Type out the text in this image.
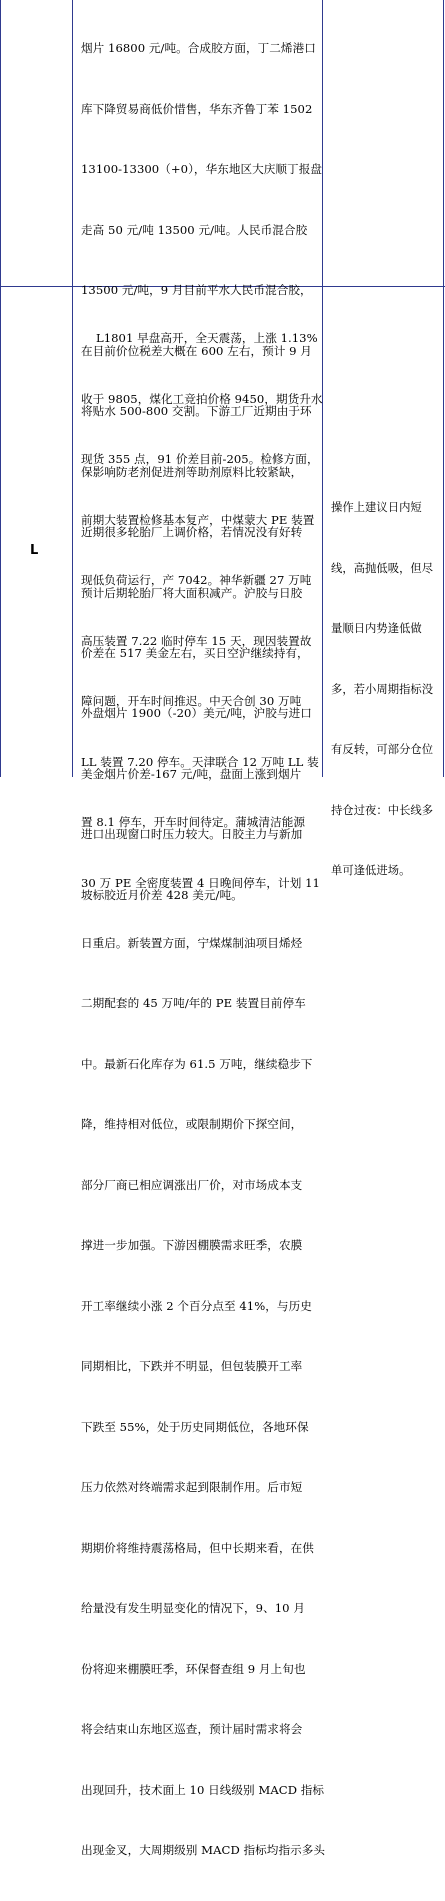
烟片 16800 元/吨。合成胶方面，丁二烯港口

库下降贸易商低价惜售，华东齐鲁丁苯 1502

13100-13300（+0），华东地区大庆顺丁报盘

走高 50 元/吨 13500 元/吨。人民币混合胶

13500 元/吨，9 月目前平水人民币混合胶，

在目前价位税差大概在 600 左右，预计 9 月

将贴水 500-800 交割。下游工厂近期由于环

保影响防老剂促进剂等助剂原料比较紧缺，

近期很多轮胎厂上调价格，若情况没有好转

预计后期轮胎厂将大面积减产。沪胶与日胶

价差在 517 美金左右，买日空沪继续持有，

外盘烟片 1900（-20）美元/吨，沪胶与进口

美金烟片价差-167 元/吨，盘面上涨到烟片

进口出现窗口时压力较大。日胶主力与新加

坡标胶近月价差 428 美元/吨。

L

L1801 早盘高开，全天震荡，上涨 1.13%

收于 9805，煤化工竞拍价格 9450，期货升水

现货 355 点，91 价差目前-205。检修方面，

前期大装置检修基本复产，中煤蒙大 PE 装置

现低负荷运行，产 7042。神华新疆 27 万吨

高压装置 7.22 临时停车 15 天，现因装置故

障问题，开车时间推迟。中天合创 30 万吨

LL 装置 7.20 停车。天津联合 12 万吨 LL 装

置 8.1 停车，开车时间待定。蒲城清洁能源

30 万 PE 全密度装置 4 日晚间停车，计划 11

日重启。新装置方面，宁煤煤制油项目烯烃

二期配套的 45 万吨/年的 PE 装置目前停车

中。最新石化库存为 61.5 万吨，继续稳步下

降，维持相对低位，或限制期价下探空间，

部分厂商已相应调涨出厂价，对市场成本支

撑进一步加强。下游因棚膜需求旺季，农膜

开工率继续小涨 2 个百分点至 41%，与历史

同期相比，下跌并不明显，但包装膜开工率

下跌至 55%，处于历史同期低位，各地环保

压力依然对终端需求起到限制作用。后市短

期期价将维持震荡格局，但中长期来看，在供

给量没有发生明显变化的情况下，9、10 月

份将迎来棚膜旺季，环保督查组 9 月上旬也

将会结束山东地区巡查，预计届时需求将会

出现回升，技术面上 10 日线级别 MACD 指标

出现金叉，大周期级别 MACD 指标均指示多头

操作上建议日内短

线，高抛低吸，但尽

量顺日内势逢低做

多，若小周期指标没

有反转，可部分仓位

持仓过夜：中长线多

单可逢低进场。
